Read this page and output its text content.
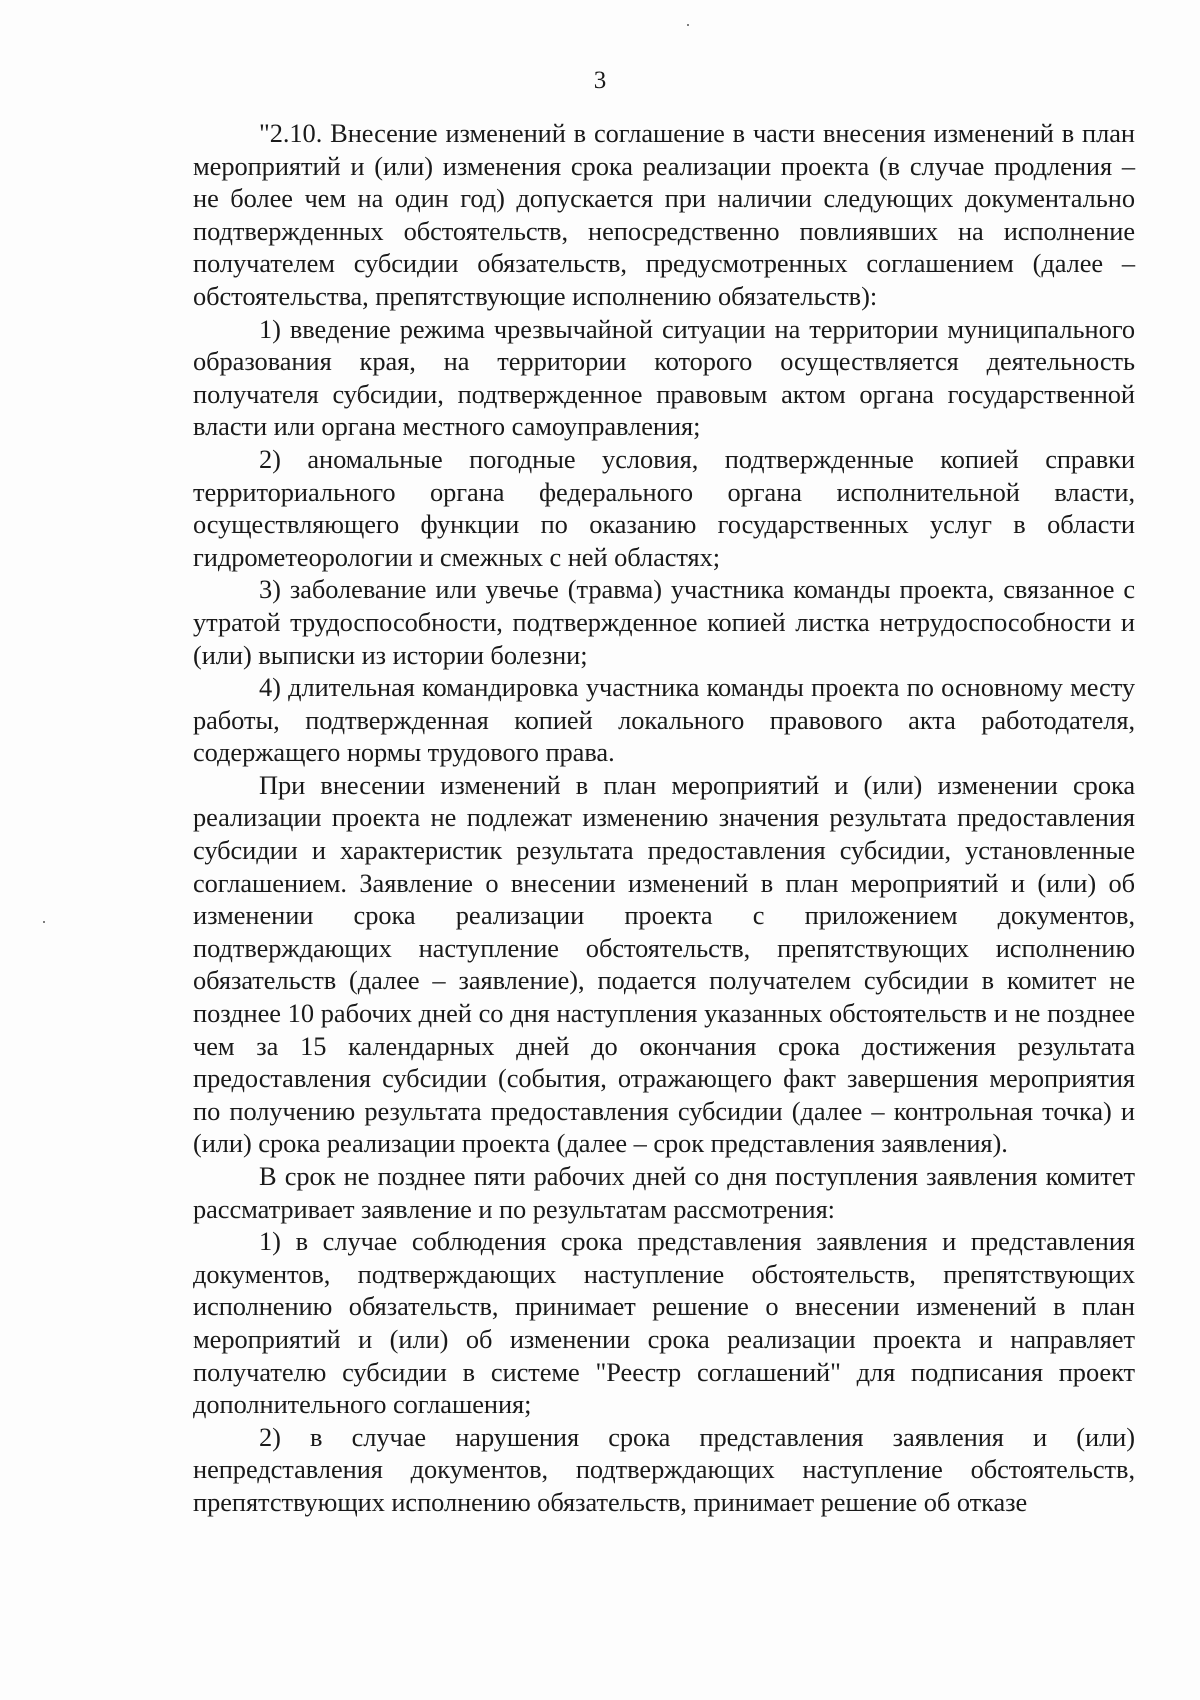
3

"2.10. Внесение изменений в соглашение в части внесения изменений в план мероприятий и (или) изменения срока реализации проекта (в случае продления – не более чем на один год) допускается при наличии следующих документально подтвержденных обстоятельств, непосредственно повлиявших на исполнение получателем субсидии обязательств, предусмотренных соглашением (далее – обстоятельства, препятствующие исполнению обязательств):

1) введение режима чрезвычайной ситуации на территории муниципального образования края, на территории которого осуществляется деятельность получателя субсидии, подтвержденное правовым актом органа государственной власти или органа местного самоуправления;

2) аномальные погодные условия, подтвержденные копией справки территориального органа федерального органа исполнительной власти, осуществляющего функции по оказанию государственных услуг в области гидрометеорологии и смежных с ней областях;

3) заболевание или увечье (травма) участника команды проекта, связанное с утратой трудоспособности, подтвержденное копией листка нетрудоспособности и (или) выписки из истории болезни;

4) длительная командировка участника команды проекта по основному месту работы, подтвержденная копией локального правового акта работодателя, содержащего нормы трудового права.

При внесении изменений в план мероприятий и (или) изменении срока реализации проекта не подлежат изменению значения результата предоставления субсидии и характеристик результата предоставления субсидии, установленные соглашением. Заявление о внесении изменений в план мероприятий и (или) об изменении срока реализации проекта с приложением документов, подтверждающих наступление обстоятельств, препятствующих исполнению обязательств (далее – заявление), подается получателем субсидии в комитет не позднее 10 рабочих дней со дня наступления указанных обстоятельств и не позднее чем за 15 календарных дней до окончания срока достижения результата предоставления субсидии (события, отражающего факт завершения мероприятия по получению результата предоставления субсидии (далее – контрольная точка) и (или) срока реализации проекта (далее – срок представления заявления).

В срок не позднее пяти рабочих дней со дня поступления заявления комитет рассматривает заявление и по результатам рассмотрения:

1) в случае соблюдения срока представления заявления и представления документов, подтверждающих наступление обстоятельств, препятствующих исполнению обязательств, принимает решение о внесении изменений в план мероприятий и (или) об изменении срока реализации проекта и направляет получателю субсидии в системе "Реестр соглашений" для подписания проект дополнительного соглашения;

2) в случае нарушения срока представления заявления и (или) непредставления документов, подтверждающих наступление обстоятельств, препятствующих исполнению обязательств, принимает решение об отказе
